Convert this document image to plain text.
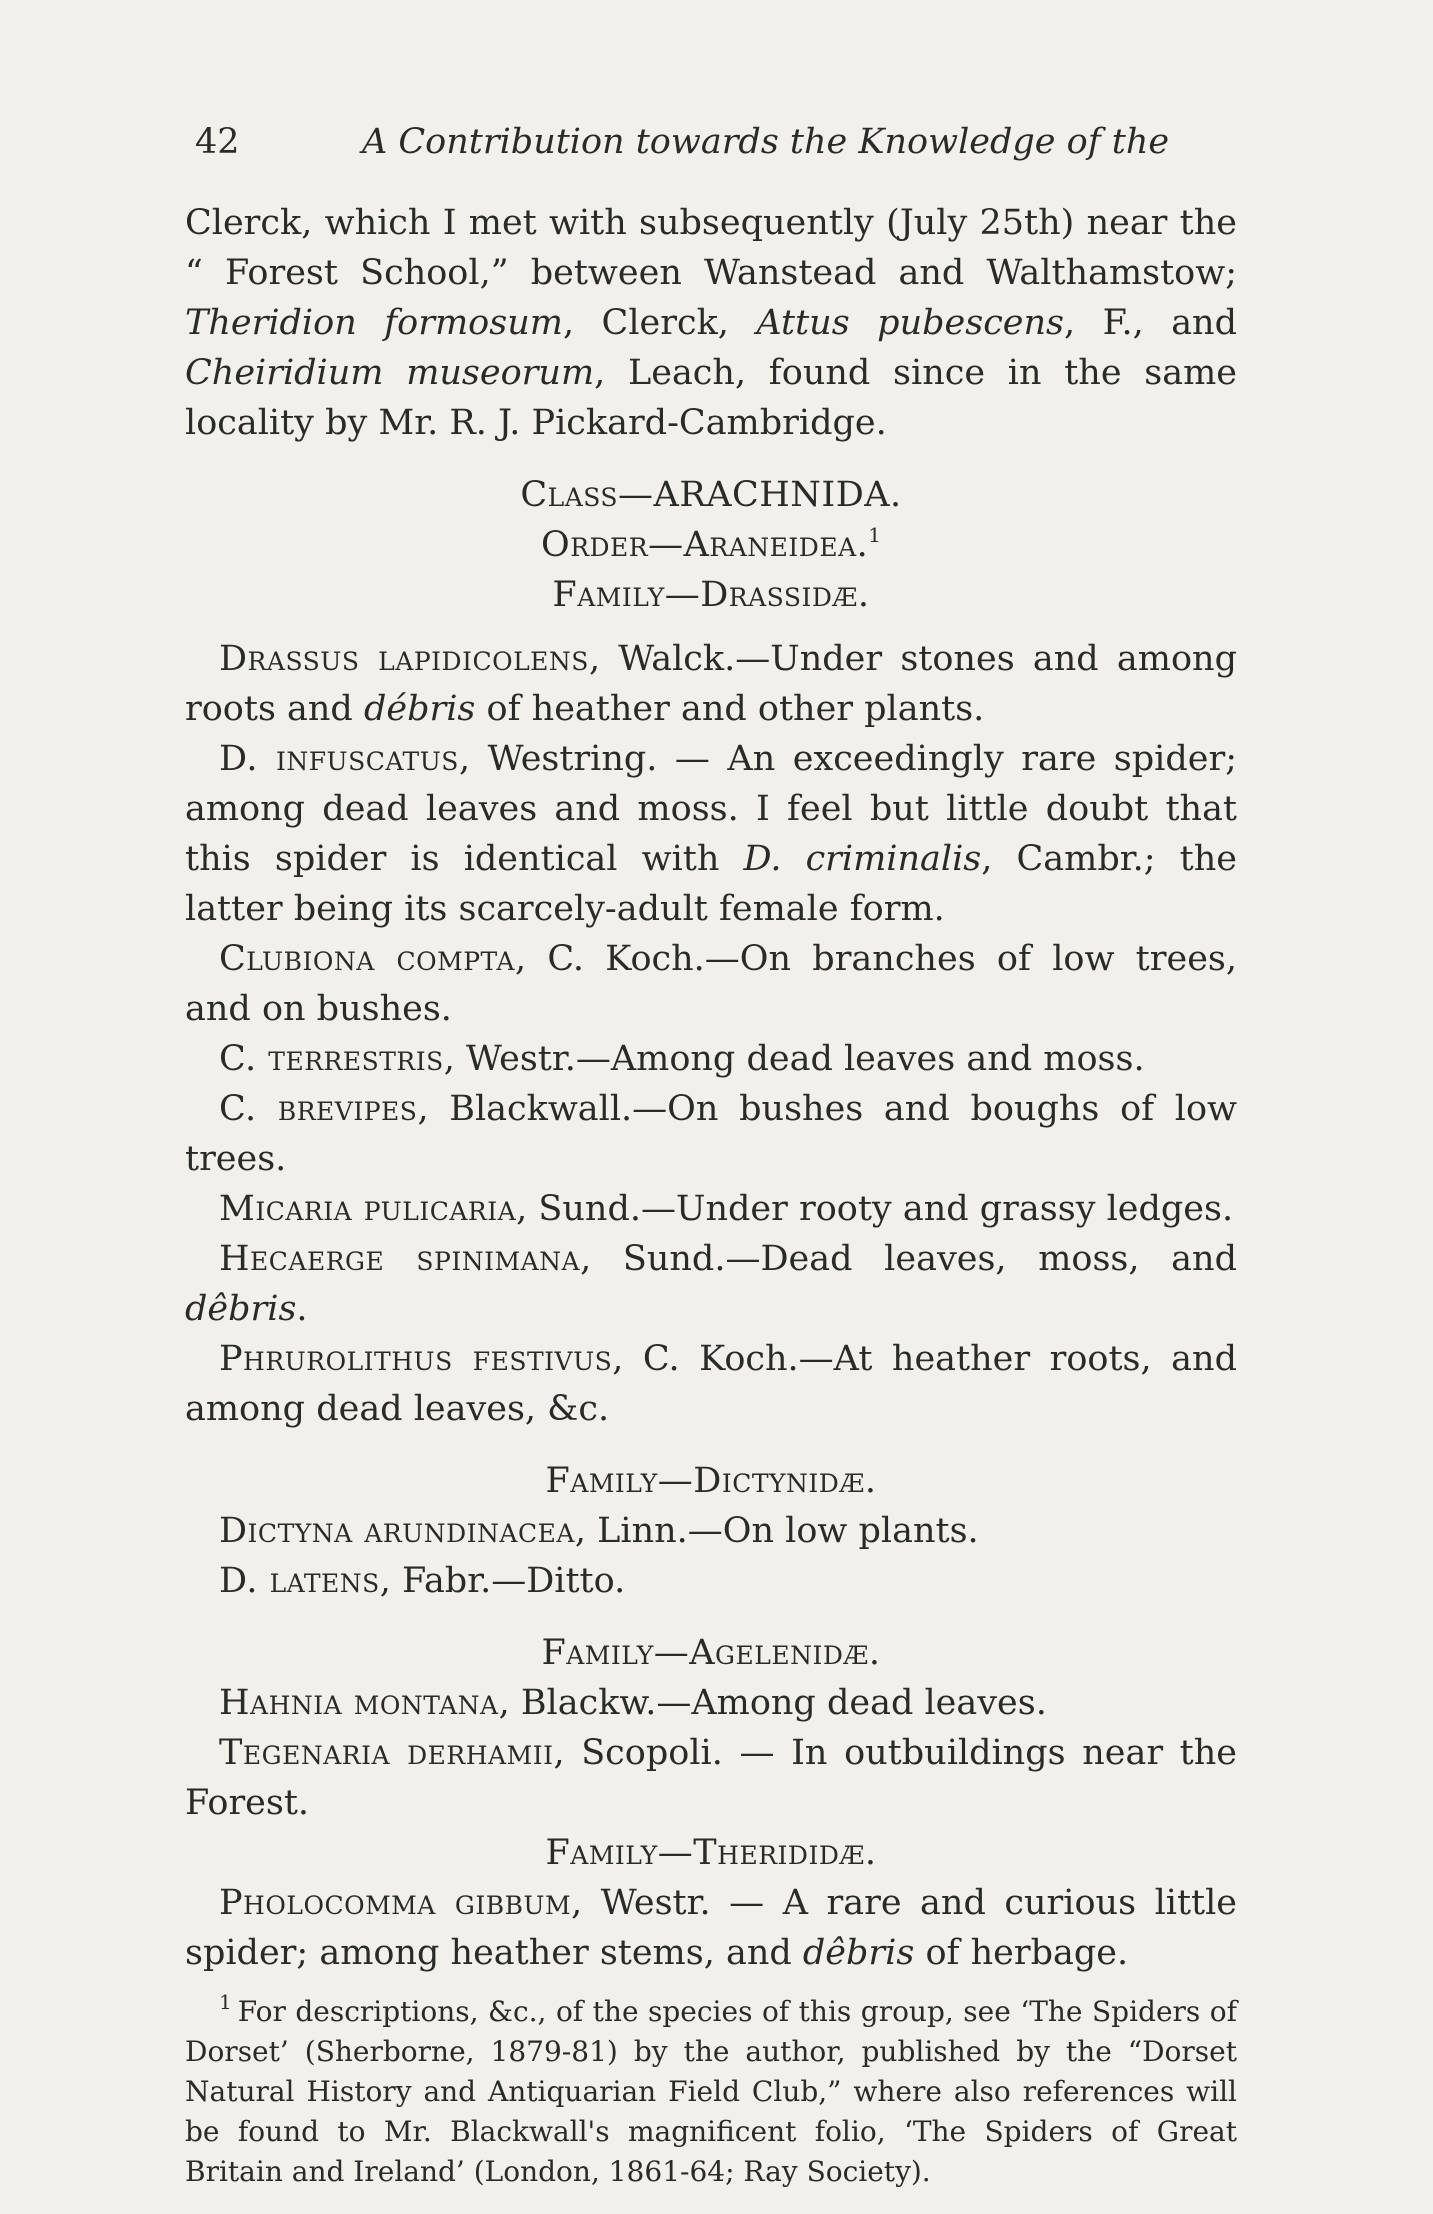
42	A Contribution towards the Knowledge of the

Clerck, which I met with subsequently (July 25th) near the “ Forest School,” between Wanstead and Walthamstow; Theridion formosum, Clerck, Attus pubescens, F., and Cheiridium museorum, Leach, found since in the same locality by Mr. R. J. Pickard-Cambridge.

Class—ARACHNIDA.

Order—Araneidea.$^1$

Family—Drassidæ.

Drassus lapidicolens, Walck.—Under stones and among roots and débris of heather and other plants.

D. infuscatus, Westring. — An exceedingly rare spider; among dead leaves and moss. I feel but little doubt that this spider is identical with D. criminalis, Cambr.; the latter being its scarcely-adult female form.

Clubiona compta, C. Koch.—On branches of low trees, and on bushes.

C. terrestris, Westr.—Among dead leaves and moss.

C. brevipes, Blackwall.—On bushes and boughs of low trees.

Micaria pulicaria, Sund.—Under rooty and grassy ledges.

Hecaerge spinimana, Sund.—Dead leaves, moss, and dêbris.

Phrurolithus festivus, C. Koch.—At heather roots, and among dead leaves, &c.

Family—Dictynidæ.

Dictyna arundinacea, Linn.—On low plants.

D. latens, Fabr.—Ditto.

Family—Agelenidæ.

Hahnia montana, Blackw.—Among dead leaves.

Tegenaria derhamii, Scopoli. — In outbuildings near the Forest.

Family—Therididæ.

Pholocomma gibbum, Westr. — A rare and curious little spider; among heather stems, and dêbris of herbage.

$^1$ For descriptions, &c., of the species of this group, see ‘The Spiders of Dorset’ (Sherborne, 1879-81) by the author, published by the “Dorset Natural History and Antiquarian Field Club,” where also references will be found to Mr. Blackwall's magnificent folio, ‘The Spiders of Great Britain and Ireland’ (London, 1861-64; Ray Society).
